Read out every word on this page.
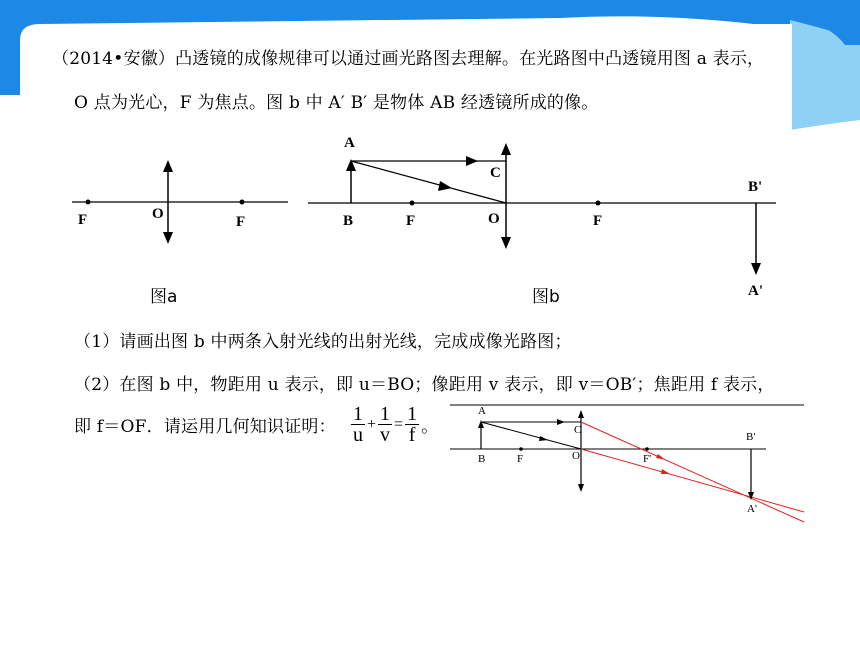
（2014•安徽）凸透镜的成像规律可以通过画光路图去理解。在光路图中凸透镜用图 a 表示，
O 点为光心，F 为焦点。图 b 中 A′ B′ 是物体 AB 经透镜所成的像。
F	O	F
图a
A
C
B	F	O	F
B'
A'
图b
（1）请画出图 b 中两条入射光线的出射光线，完成成像光路图；
（2）在图 b 中，物距用 u 表示，即 u＝BO；像距用 v 表示，即 v＝OB′；焦距用 f 表示，
即 f＝OF．请运用几何知识证明： $\frac{1}{u} + \frac{1}{v} = \frac{1}{f}$ 。
A
C
B	F	O	F'
B'
A'
